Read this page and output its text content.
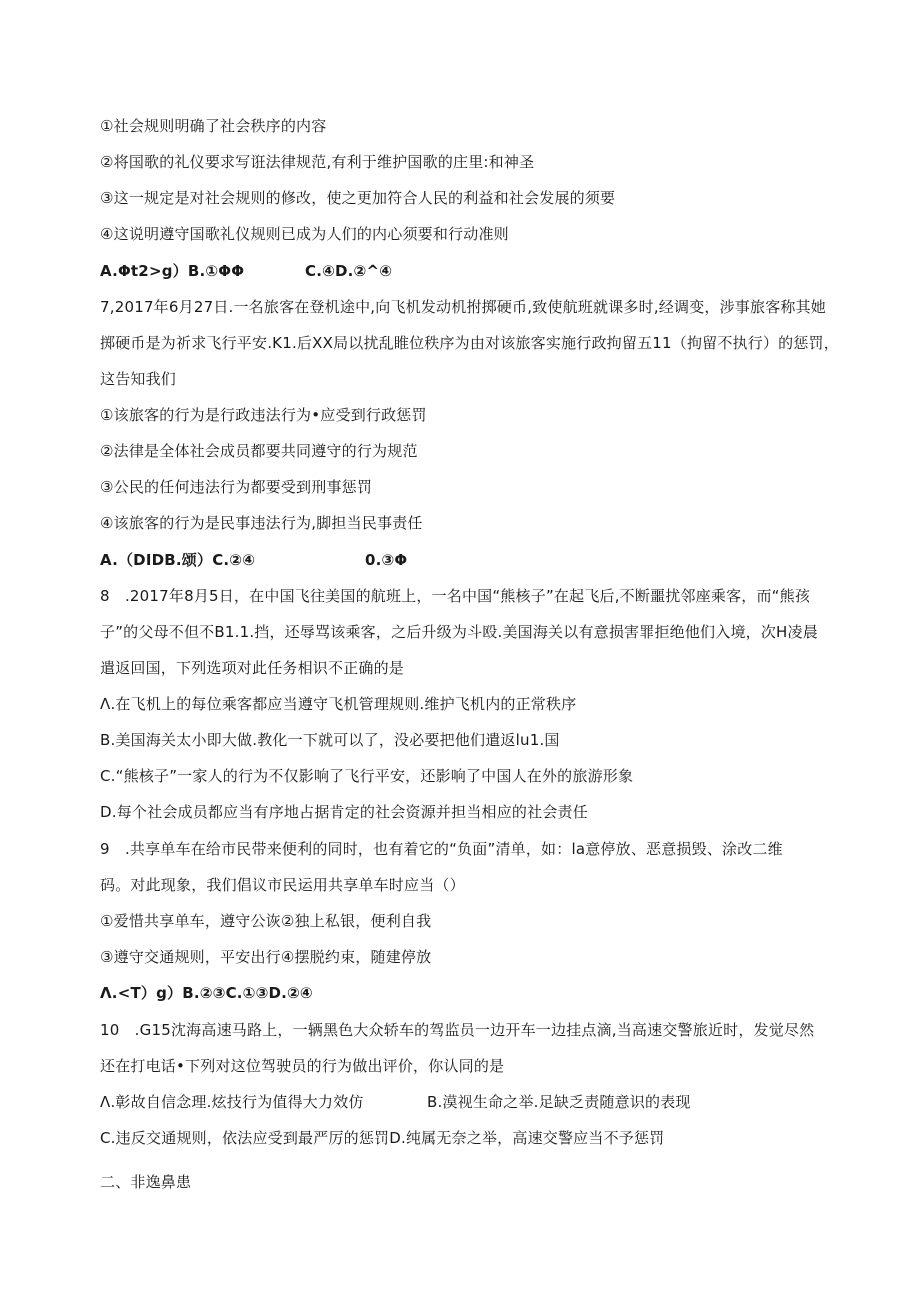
①社会规则明确了社会秩序的内容
②将国歌的礼仪要求写诳法律规范,有利于维护国歌的庄里:和神圣
③这一规定是对社会规则的修改，使之更加符合人民的利益和社会发展的须要
④这说明遵守国歌礼仪规则已成为人们的内心须要和行动准则
A.Φt2>g）B.①ΦΦ	C.④D.②^④
7,2017年6月27日.一名旅客在登机途中,向飞机发动机拊掷硬币,致使航班就课多时,经调变，涉事旅客称其她
掷硬币是为祈求飞行平安.K1.后XX局以扰乱睢位秩序为由对该旅客实施行政拘留五11（拘留不执行）的惩罚，
这告知我们
①该旅客的行为是行政违法行为•应受到行政惩罚
②法律是全体社会成员都要共同遵守的行为规范
③公民的任何违法行为都要受到刑事惩罚
④该旅客的行为是民事违法行为,脚担当民事责任
A.（DIDB.颂）C.②④	0.③Φ
8　.2017年8月5日，在中国飞往美国的航班上，一名中国“熊核子”在起飞后,不断噩扰邻座乘客，而“熊孩
子”的父母不但不B1.1.挡，还辱骂该乘客，之后升级为斗殴.美国海关以有意损害罪拒绝他们入境，次H凌晨
遣返回国，下列选项对此任务相识不正确的是
Λ.在飞机上的每位乘客都应当遵守飞机管理规则.维护飞机内的正常秩序
B.美国海关太小即大做.教化一下就可以了，没必要把他们遣返lu1.国
C.“熊核子”一家人的行为不仅影响了飞行平安，还影响了中国人在外的旅游形象
D.每个社会成员都应当有序地占据肯定的社会资源并担当相应的社会责任
9　.共享单车在给市民带来便利的同时，也有着它的“负面”清单，如：la意停放、恶意损毁、涂改二维
码。对此现象，我们倡议市民运用共享单车时应当（）
①爱惜共享单车，遵守公诙②独上私银，便利自我
③遵守交通规则，平安出行④摆脱约束，随建停放
Λ.<T）g）B.②③C.①③D.②④
10　.G15沈海高速马路上，一辆黑色大众轿车的驾监员一边开车一边挂点滴,当高速交警旅近时，发觉尽然
还在打电话•下列对这位驾驶员的行为做出评价，你认同的是
Λ.彰故自信念理.炫技行为值得大力效仿	B.漠视生命之举.足缺乏责随意识的表现
C.违反交通规则，依法应受到最严厉的惩罚D.纯属无奈之举，高速交警应当不予惩罚
二、非逸鼻患
